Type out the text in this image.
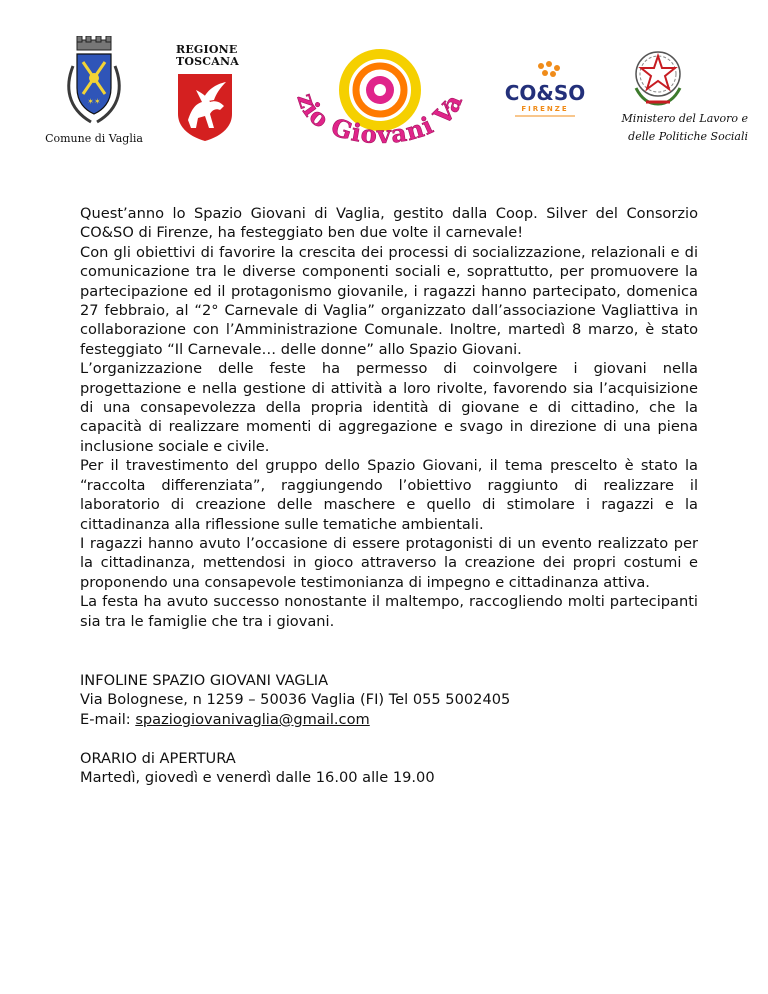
✶✶
Comune di Vaglia
REGIONE
TOSCANA
zio Giovani Va CO&SO
FIRENZE
Ministero del Lavoro e
delle Politiche Sociali

Quest’anno lo Spazio Giovani di Vaglia, gestito dalla Coop. Silver del Consorzio CO&SO di Firenze, ha festeggiato ben due volte il carnevale!

Con gli obiettivi di favorire la crescita dei processi di socializzazione, relazionali e di comunicazione tra le diverse componenti sociali e, soprattutto, per promuovere la partecipazione ed il protagonismo giovanile, i ragazzi hanno partecipato, domenica 27 febbraio, al “2° Carnevale di Vaglia” organizzato dall’associazione Vagliattiva in collaborazione con l’Amministrazione Comunale. Inoltre, martedì 8 marzo, è stato festeggiato “Il Carnevale… delle donne” allo Spazio Giovani.

L’organizzazione delle feste ha permesso di coinvolgere i giovani nella progettazione e nella gestione di attività a loro rivolte, favorendo sia l’acquisizione di una consapevolezza della propria identità di giovane e di cittadino, che la capacità di realizzare momenti di aggregazione e svago in direzione di una piena inclusione sociale e civile.

Per il travestimento del gruppo dello Spazio Giovani, il tema prescelto è stato la “raccolta differenziata”, raggiungendo l’obiettivo raggiunto di realizzare il laboratorio di creazione delle maschere e quello di stimolare i ragazzi e la cittadinanza alla riflessione sulle tematiche ambientali.

I ragazzi hanno avuto l’occasione di essere protagonisti di un evento realizzato per la cittadinanza, mettendosi in gioco attraverso la creazione dei propri costumi e proponendo una consapevole testimonianza di impegno e cittadinanza attiva.

La festa ha avuto successo nonostante il maltempo, raccogliendo molti partecipanti sia tra le famiglie che tra i giovani.

INFOLINE SPAZIO GIOVANI VAGLIA

Via Bolognese, n 1259 – 50036 Vaglia (FI) Tel 055 5002405

E-mail: spaziogiovanivaglia@gmail.com

ORARIO di APERTURA

Martedì, giovedì e venerdì dalle 16.00 alle 19.00
